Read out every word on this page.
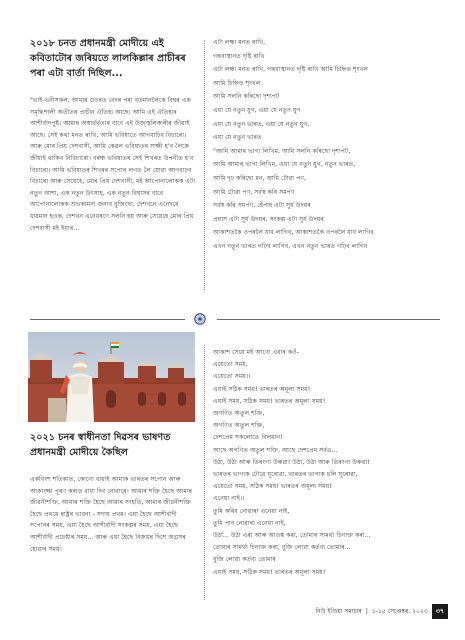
২০১৮ চনত প্ৰধানমন্ত্ৰী মোদীয়ে এই কবিতাটোৰ জৰিয়তে লালকিল্লাৰ প্ৰাচীৰৰ পৰা এটা বাৰ্তা দিছিল...

"ভাই-ভনীসকল, আমাৰ গুচৰত বেদৰ পৰা বৰ্তমানলৈকে বিশ্বৰ এক সমৃদ্ধিশালী অতীতৰ প্ৰাচীন ঐতিহ্য আছে। আমি এই ঐতিহ্যৰ আশীৰ্বাদপুষ্ট। আমাৰ অস্বাৰ্থৰ্থতাৰ বাবে এই উজ্জ্বলিকাৰীৰ জীয়াই আছে। সেই কথা মনত ৰাখি, আমি ভবিষ্যতে আগবাঢ়িব বিচাৰো। আৰু মোৰ প্ৰিয় দেশবাসী, আমি কেৱল ভবিষ্যতৰ সাক্ষী হ'ব লৈকে জীয়াই থাকিব নিবিচাৰো। বৰঞ্চ ভবিষ্যতৰ সেই শিখৰত উপনীত হ'ব বিচাৰো। আমি ভবিষ্যতৰ শিখৰৰ সপোন লগত লৈ যোৱা আগবাঢ়ব বিচাৰো আৰু সেয়েহে, মোৰ প্ৰিয় দেশবাসী, মই আপোনালোকক এটা নতুন আশা, এক নতুন উৎসাহ, এক নতুন বিশ্বাসৰ বাবে আপোনালোকক শুভকামনা জনাব বুজিছো, দেশখনে এনেদৰে ধাৱমান হওক, দেশখন এনেধৰণে সলনি হয় আৰু সেয়েহে মোৰ প্ৰিয় দেশবাসী মই ইয়াৰ...

এটা লক্ষ্য মনত ৰাখি,
গন্তব্যস্থানত দৃষ্টি ৰাখি
এটা লক্ষ্য মনত ৰাখি, গন্তব্যস্থানত দৃষ্টি ৰাখি আমি চিহ্নিত শৃংখল
আমি চিহ্নিত শৃংখল
আমি সলনি কৰিছো দৃশ্যপট
এয়া যে নতুন যুগ, এয়া যে নতুন যুগ
এয়া যে নতুন ভাৰত, এয়া যে নতুন যুগ,
এয়া যে নতুন ভাৰত
"আমি আমাৰ ভাগ্য লিখিম, আমি সলনি কৰিছো দৃশ্যপট,
আমি আমাৰ ভাগ্য লিখিম, এয়া যে নতুন যুগ, নতুন ভাৰত,
আমি দৃঢ় কৰিছো মন, আমি টোৱা পণ,
আমি টোৱা পণ, সৰ্বস্ব কৰি সমৰ্পণ
সৰ্বস্ব কৰি সমৰ্পণ, হেঁপাহ এটা সুৰ্য উদয়ৰ
প্ৰয়াস এটা সুৰ্য উদয়ৰ, সংকল্প এটা সুৰ্য উদয়ৰ
আকাশতকৈ ওপৰলৈ যাব লাগিব, আকাশতকৈ ওপৰলৈ যাব লাগিব
এখন নতুন ভাৰত গঢ়িব লাগিব, এখন নতুন ভাৰত গঢ়িব লাগিব
২০২১ চনৰ স্বাধীনতা দিৱসৰ ভাষণত প্ৰধানমন্ত্ৰী মোদীয়ে কৈছিল

একবিংশ শতিকাত, কোনো বাধাই আমাক ভাৰতৰ সপোন আৰু আকাংক্ষা পূৰণ কৰাত বাধা দিব নোৱাৰে। আমাৰ শক্তি হৈছে আমাৰ জীৱনীশক্তি, আমাৰ শক্তি হৈছে আমাৰ সংহতি, আমাৰ জীৱনীশক্তি হৈছে প্ৰথমে ৰাষ্ট্ৰৰ ভাৱনা - সদায় প্ৰথম। এয়া হৈছে আশীৰ্বাদী সপোনৰ সময়, এয়া হৈছে আশীৰ্বাদী সংকল্পৰ সময়, এয়া হৈছে আশীৰ্বাদী প্ৰচেষ্টাৰ সময়... আৰু এয়া হৈছে বিজয়ৰ দিশে অগ্ৰসৰ হোৱাৰ সময়।

আকাশ সেয়ে মই আণো এবাৰ কওঁ-
এয়েতো সময়,
এয়েতো সময়।।
এয়াই সঠিক সময়! ভাৰতৰ অমূল্য সময়!
এয়াই সময়, সঠিক সময়! ভাৰতৰ অমূল্য সময়!
অগণিত অতুল শক্তি,
অগণিত অতুল শক্তি,
দেশপ্ৰেম সকলোতে বিলমান!
আছে অগণিত অতুল শক্তি, আছে দেশপ্ৰেম সৰ্বত্ৰ...
উঠা, উঠা আৰু তিৰংগা উৰুৱা! উঠা, উঠা আৰু তিৰংগা উৰুৱা!
ভাৰতৰ ভাগ্যক ঢৌৱে ঘূৰোৱা, ভাৰতৰ ভাগ্যক চলি ঘূৰোৱা,
এয়েতো সময়, সঠিক সময়! ভাৰতৰ অমূল্য সময়!
এনেয়া নাই।।
তুমি কৰিব নোৱাৰা এনেয়া নাই,
তুমি পাব নোৱাৰা এনেয়া নাই,
উঠা... উঠা এৰা আৰু আতঙ্ক কৰা, তোমাৰ সামৰ্থ্য চিনাক্ত কৰা...
তোমাৰ সামৰ্থ্য চিনাক্ত কৰা, বুজি লোৱা কৰ্তব্য তোমাৰ...
বুজি লোৱা কৰ্তব্য তোমাৰ
এয়াই সময়, সঠিক সময়! ভাৰতৰ অমূল্য সময়!
নিউ ইণ্ডিয়া সমাচাৰ | ১-১৫ সেপ্তেম্বৰ, ২০২৩	৩৭
